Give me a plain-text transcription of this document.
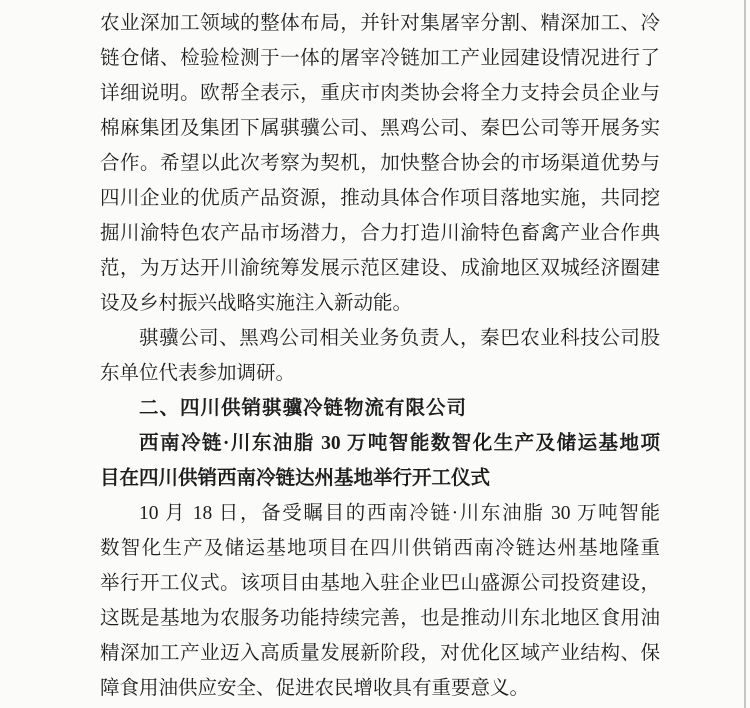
农业深加工领域的整体布局，并针对集屠宰分割、精深加工、冷
链仓储、检验检测于一体的屠宰冷链加工产业园建设情况进行了
详细说明。欧帮全表示，重庆市肉类协会将全力支持会员企业与
棉麻集团及集团下属骐骥公司、黑鸡公司、秦巴公司等开展务实
合作。希望以此次考察为契机，加快整合协会的市场渠道优势与
四川企业的优质产品资源，推动具体合作项目落地实施，共同挖
掘川渝特色农产品市场潜力，合力打造川渝特色畜禽产业合作典
范，为万达开川渝统筹发展示范区建设、成渝地区双城经济圈建
设及乡村振兴战略实施注入新动能。
骐骥公司、黑鸡公司相关业务负责人，秦巴农业科技公司股
东单位代表参加调研。
二、四川供销骐骥冷链物流有限公司
西南冷链·川东油脂 30 万吨智能数智化生产及储运基地项
目在四川供销西南冷链达州基地举行开工仪式
10 月 18 日，备受瞩目的西南冷链·川东油脂 30 万吨智能
数智化生产及储运基地项目在四川供销西南冷链达州基地隆重
举行开工仪式。该项目由基地入驻企业巴山盛源公司投资建设，
这既是基地为农服务功能持续完善，也是推动川东北地区食用油
精深加工产业迈入高质量发展新阶段，对优化区域产业结构、保
障食用油供应安全、促进农民增收具有重要意义。
